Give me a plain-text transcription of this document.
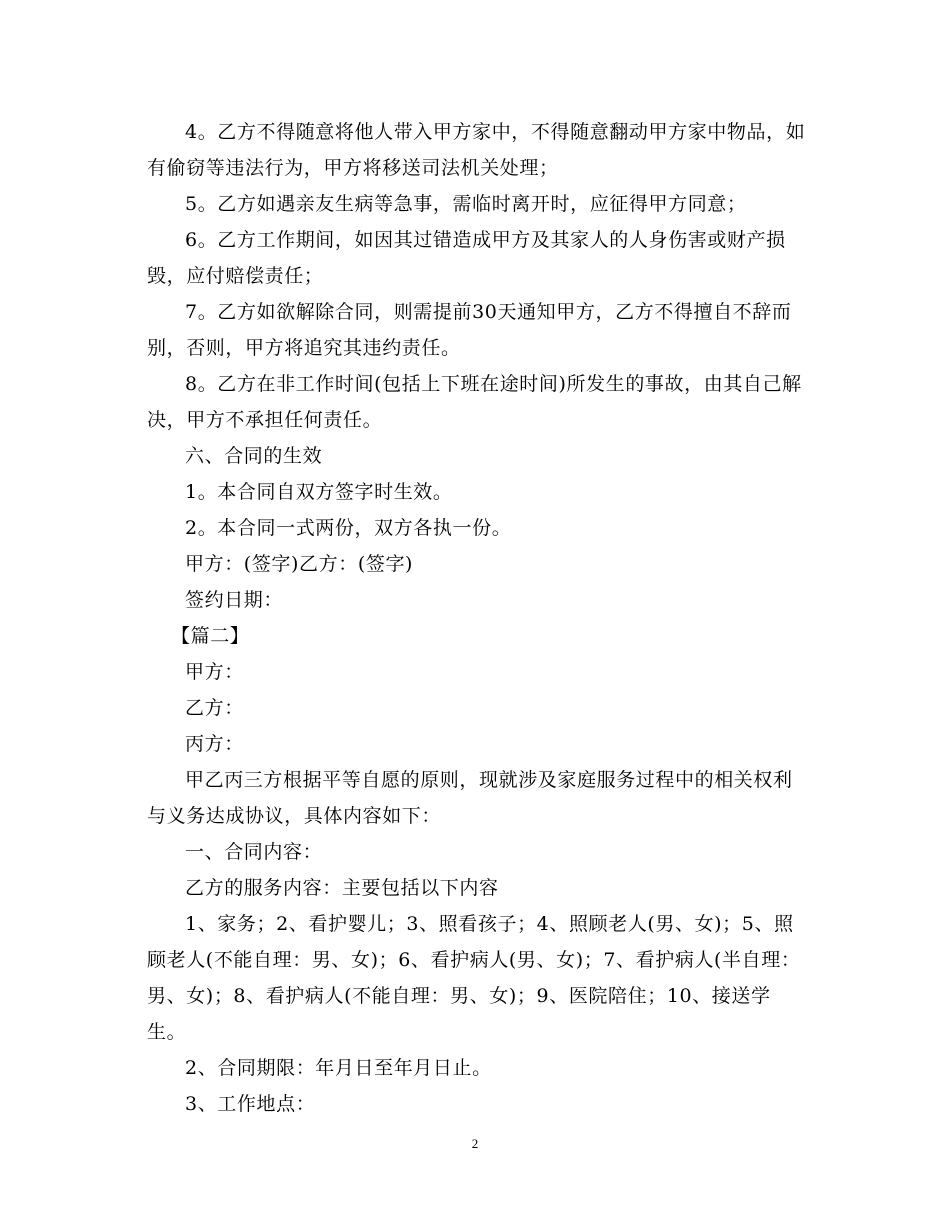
4。乙方不得随意将他人带入甲方家中，不得随意翻动甲方家中物品，如有偷窃等违法行为，甲方将移送司法机关处理；

5。乙方如遇亲友生病等急事，需临时离开时，应征得甲方同意；

6。乙方工作期间，如因其过错造成甲方及其家人的人身伤害或财产损毁，应付赔偿责任；

7。乙方如欲解除合同，则需提前30天通知甲方，乙方不得擅自不辞而别，否则，甲方将追究其违约责任。

8。乙方在非工作时间(包括上下班在途时间)所发生的事故，由其自己解决，甲方不承担任何责任。

六、合同的生效

1。本合同自双方签字时生效。

2。本合同一式两份，双方各执一份。

甲方：(签字)乙方：(签字)

签约日期：

【篇二】

甲方：

乙方：

丙方：

甲乙丙三方根据平等自愿的原则，现就涉及家庭服务过程中的相关权利与义务达成协议，具体内容如下：

一、合同内容：

乙方的服务内容：主要包括以下内容

1、家务；2、看护婴儿；3、照看孩子；4、照顾老人(男、女)；5、照顾老人(不能自理：男、女)；6、看护病人(男、女)；7、看护病人(半自理：男、女)；8、看护病人(不能自理：男、女)；9、医院陪住；10、接送学生。

2、合同期限：年月日至年月日止。

3、工作地点：

2
